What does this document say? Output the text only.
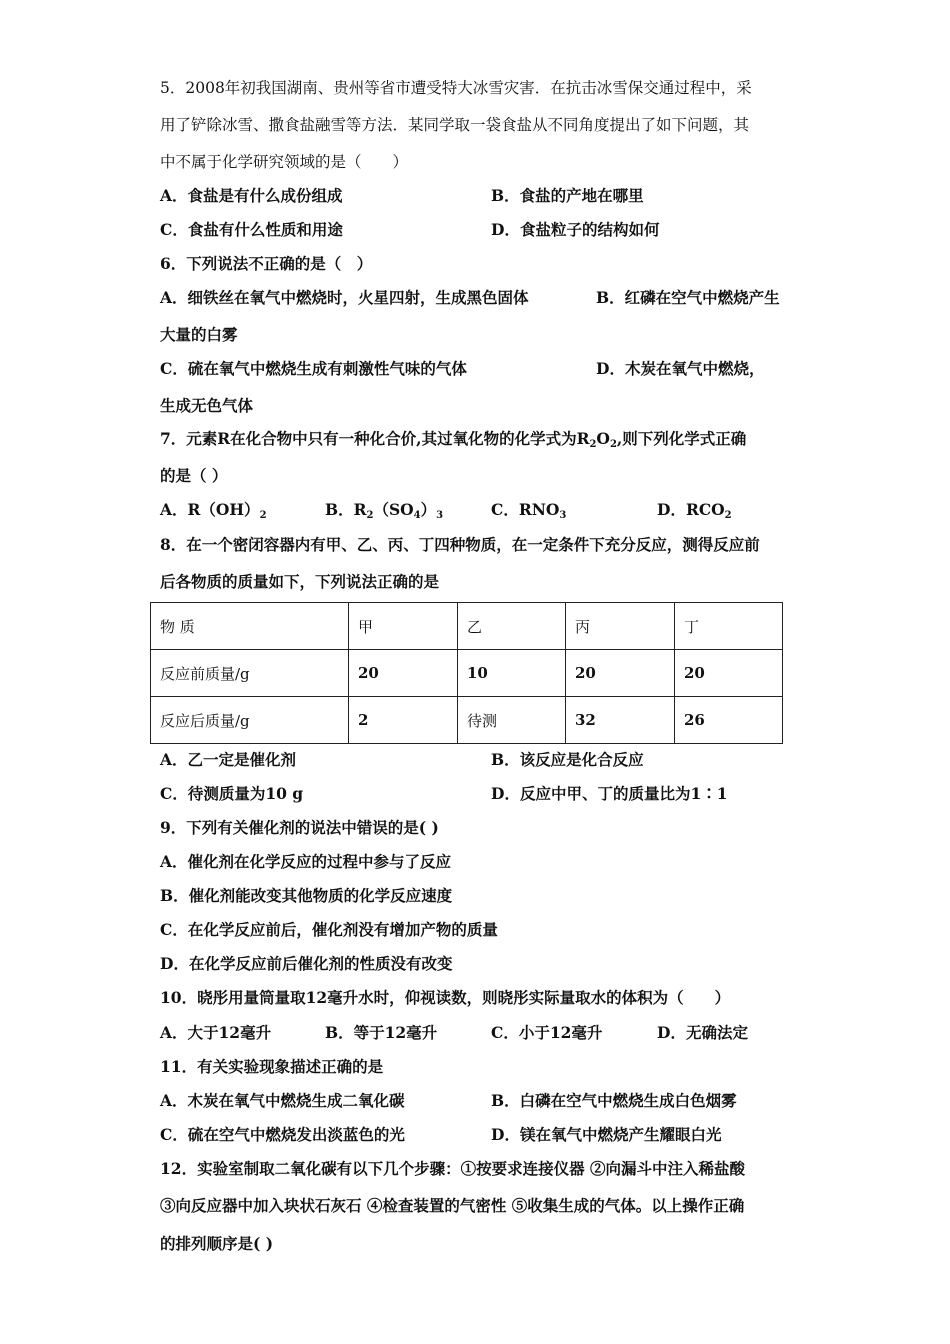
5．2008年初我国湖南、贵州等省市遭受特大冰雪灾害．在抗击冰雪保交通过程中，采
用了铲除冰雪、撒食盐融雪等方法．某同学取一袋食盐从不同角度提出了如下问题，其
中不属于化学研究领域的是（　　）
A．食盐是有什么成份组成	B．食盐的产地在哪里
C．食盐有什么性质和用途	D．食盐粒子的结构如何
6．下列说法不正确的是（　）
A．细铁丝在氧气中燃烧时，火星四射，生成黑色固体	B．红磷在空气中燃烧产生
大量的白雾
C．硫在氧气中燃烧生成有刺激性气味的气体	D．木炭在氧气中燃烧，
生成无色气体
7．元素R在化合物中只有一种化合价,其过氧化物的化学式为$R_2O_2$,则下列化学式正确
的是（ ）
A．$R(OH)_2$	B．$R_2(SO_4)_3$	C．$RNO_3$	D．$RCO_2$
8．在一个密闭容器内有甲、乙、丙、丁四种物质，在一定条件下充分反应，测得反应前
后各物质的质量如下，下列说法正确的是
物 质	甲	乙	丙	丁
反应前质量/g	20	10	20	20
反应后质量/g	2	待测	32	26
A．乙一定是催化剂	B．该反应是化合反应
C．待测质量为10 g	D．反应中甲、丁的质量比为1∶1
9．下列有关催化剂的说法中错误的是( )
A．催化剂在化学反应的过程中参与了反应
B．催化剂能改变其他物质的化学反应速度
C．在化学反应前后，催化剂没有增加产物的质量
D．在化学反应前后催化剂的性质没有改变
10．晓彤用量筒量取12毫升水时，仰视读数，则晓彤实际量取水的体积为（　　）
A．大于12毫升	B．等于12毫升	C．小于12毫升	D．无确法定
11．有关实验现象描述正确的是
A．木炭在氧气中燃烧生成二氧化碳	B．白磷在空气中燃烧生成白色烟雾
C．硫在空气中燃烧发出淡蓝色的光	D．镁在氧气中燃烧产生耀眼白光
12．实验室制取二氧化碳有以下几个步骤：①按要求连接仪器 ②向漏斗中注入稀盐酸
③向反应器中加入块状石灰石 ④检查装置的气密性 ⑤收集生成的气体。以上操作正确
的排列顺序是( )
